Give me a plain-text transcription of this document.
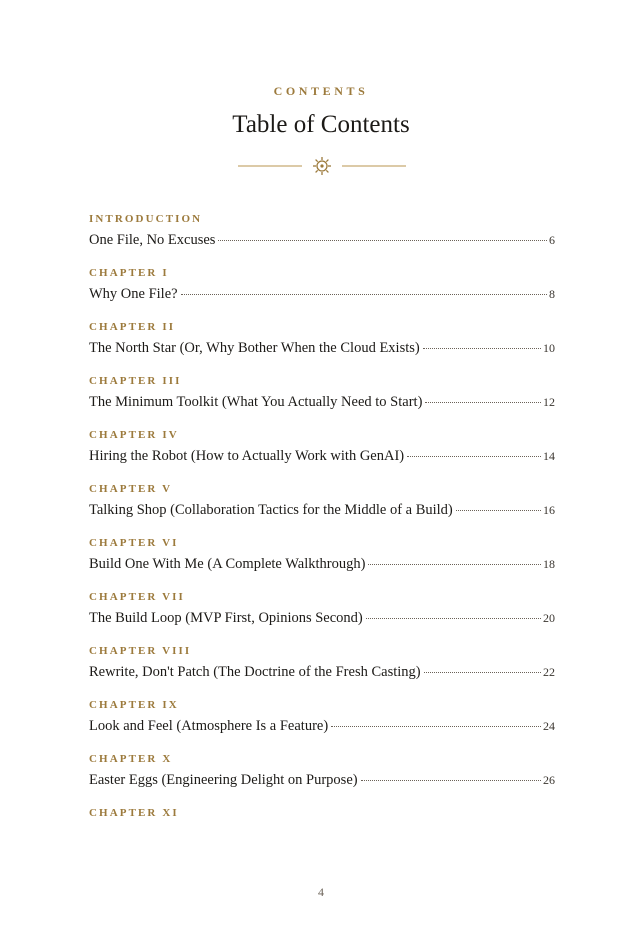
CONTENTS
Table of Contents
INTRODUCTION
One File, No Excuses	6
CHAPTER I
Why One File?	8
CHAPTER II
The North Star (Or, Why Bother When the Cloud Exists)	10
CHAPTER III
The Minimum Toolkit (What You Actually Need to Start)	12
CHAPTER IV
Hiring the Robot (How to Actually Work with GenAI)	14
CHAPTER V
Talking Shop (Collaboration Tactics for the Middle of a Build)	16
CHAPTER VI
Build One With Me (A Complete Walkthrough)	18
CHAPTER VII
The Build Loop (MVP First, Opinions Second)	20
CHAPTER VIII
Rewrite, Don't Patch (The Doctrine of the Fresh Casting)	22
CHAPTER IX
Look and Feel (Atmosphere Is a Feature)	24
CHAPTER X
Easter Eggs (Engineering Delight on Purpose)	26
CHAPTER XI
4
